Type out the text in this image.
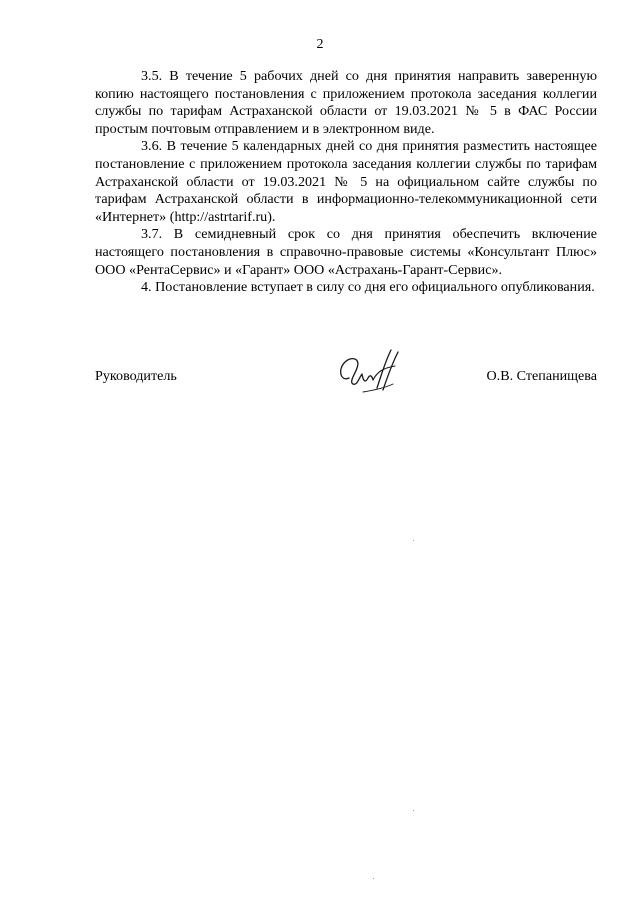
2

3.5. В течение 5 рабочих дней со дня принятия направить заверенную копию настоящего постановления с приложением протокола заседания коллегии службы по тарифам Астраханской области от 19.03.2021 № 5 в ФАС России простым почтовым отправлением и в электронном виде.

3.6. В течение 5 календарных дней со дня принятия разместить настоящее постановление с приложением протокола заседания коллегии службы по тарифам Астраханской области от 19.03.2021 № 5 на официальном сайте службы по тарифам Астраханской области в информационно-телекоммуникационной сети «Интернет» (http://astrtarif.ru).

3.7. В семидневный срок со дня принятия обеспечить включение настоящего постановления в справочно-правовые системы «Консультант Плюс» ООО «РентаСервис» и «Гарант» ООО «Астрахань-Гарант-Сервис».

4. Постановление вступает в силу со дня его официального опубликования.

Руководитель	О.В. Степанищева
